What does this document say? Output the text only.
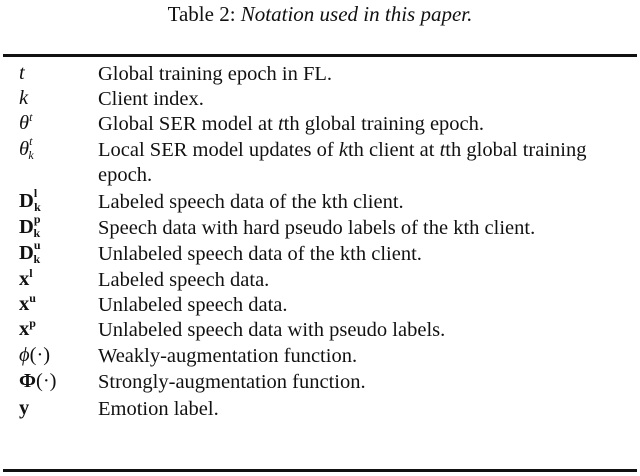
Table 2: Notation used in this paper.
t	Global training epoch in FL.
k	Client index.
$\theta^t$	Global SER model at tth global training epoch.
$\theta^t_k$	Local SER model updates of kth client at tth global training epoch.
$D^l_k$	Labeled speech data of the kth client.
$D^p_k$	Speech data with hard pseudo labels of the kth client.
$D^u_k$	Unlabeled speech data of the kth client.
$x^l$	Labeled speech data.
$x^u$	Unlabeled speech data.
$x^p$	Unlabeled speech data with pseudo labels.
ϕ(·)	Weakly-augmentation function.
Φ(·)	Strongly-augmentation function.
y	Emotion label.
